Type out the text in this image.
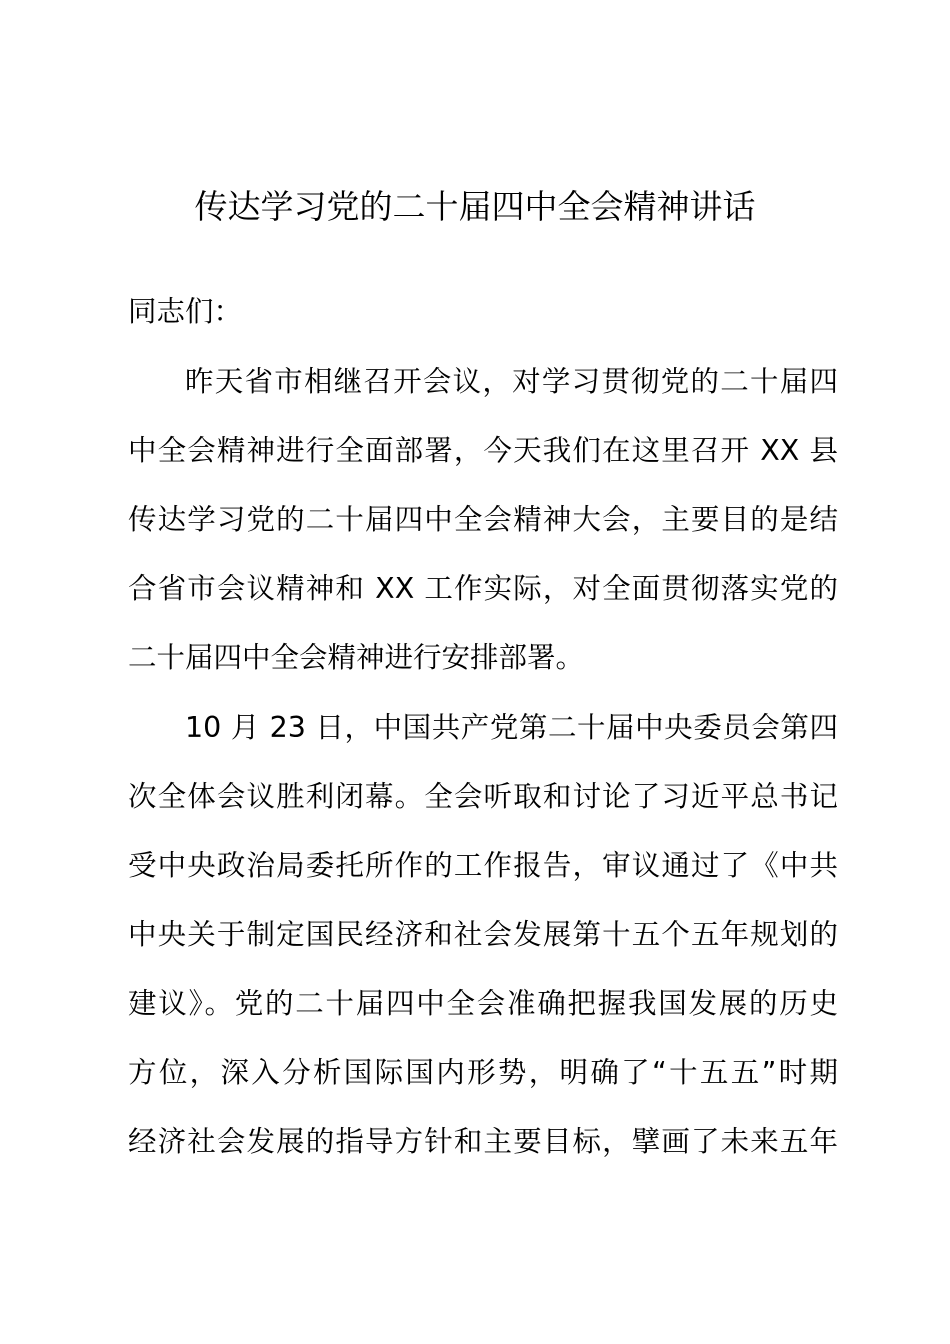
传达学习党的二十届四中全会精神讲话
同志们：
昨天省市相继召开会议，对学习贯彻党的二十届四
中全会精神进行全面部署，今天我们在这里召开 XX 县
传达学习党的二十届四中全会精神大会，主要目的是结
合省市会议精神和 XX 工作实际，对全面贯彻落实党的
二十届四中全会精神进行安排部署。
10 月 23 日，中国共产党第二十届中央委员会第四
次全体会议胜利闭幕。全会听取和讨论了习近平总书记
受中央政治局委托所作的工作报告，审议通过了《中共
中央关于制定国民经济和社会发展第十五个五年规划的
建议》。党的二十届四中全会准确把握我国发展的历史
方位，深入分析国际国内形势，明确了“十五五”时期
经济社会发展的指导方针和主要目标，擘画了未来五年
